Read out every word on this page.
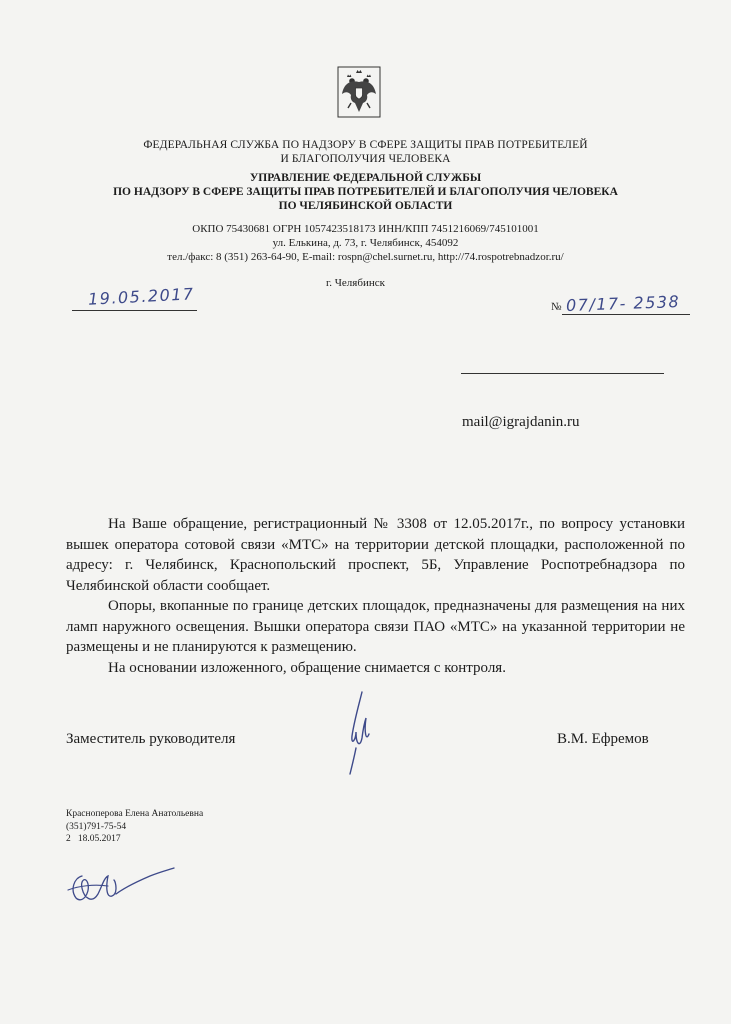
ФЕДЕРАЛЬНАЯ СЛУЖБА ПО НАДЗОРУ В СФЕРЕ ЗАЩИТЫ ПРАВ ПОТРЕБИТЕЛЕЙ
И БЛАГОПОЛУЧИЯ ЧЕЛОВЕКА
УПРАВЛЕНИЕ ФЕДЕРАЛЬНОЙ СЛУЖБЫ
ПО НАДЗОРУ В СФЕРЕ ЗАЩИТЫ ПРАВ ПОТРЕБИТЕЛЕЙ И БЛАГОПОЛУЧИЯ ЧЕЛОВЕКА
ПО ЧЕЛЯБИНСКОЙ ОБЛАСТИ
ОКПО 75430681 ОГРН 1057423518173 ИНН/КПП 7451216069/745101001
ул. Елькина, д. 73, г. Челябинск, 454092
тел./факс: 8 (351) 263-64-90, E-mail: rospn@chel.surnet.ru, http://74.rospotrebnadzor.ru/
г. Челябинск
19.05.2017	№ 07/17- 2538
mail@igrajdanin.ru

На Ваше обращение, регистрационный № 3308 от 12.05.2017г., по вопросу установки вышек оператора сотовой связи «МТС» на территории детской площадки, расположенной по адресу: г. Челябинск, Краснопольский проспект, 5Б, Управление Роспотребнадзора по Челябинской области сообщает.

Опоры, вкопанные по границе детских площадок, предназначены для размещения на них ламп наружного освещения. Вышки оператора связи ПАО «МТС» на указанной территории не размещены и не планируются к размещению.

На основании изложенного, обращение снимается с контроля.

Заместитель руководителя	В.М. Ефремов
Красноперова Елена Анатольевна
(351)791-75-54
2   18.05.2017
